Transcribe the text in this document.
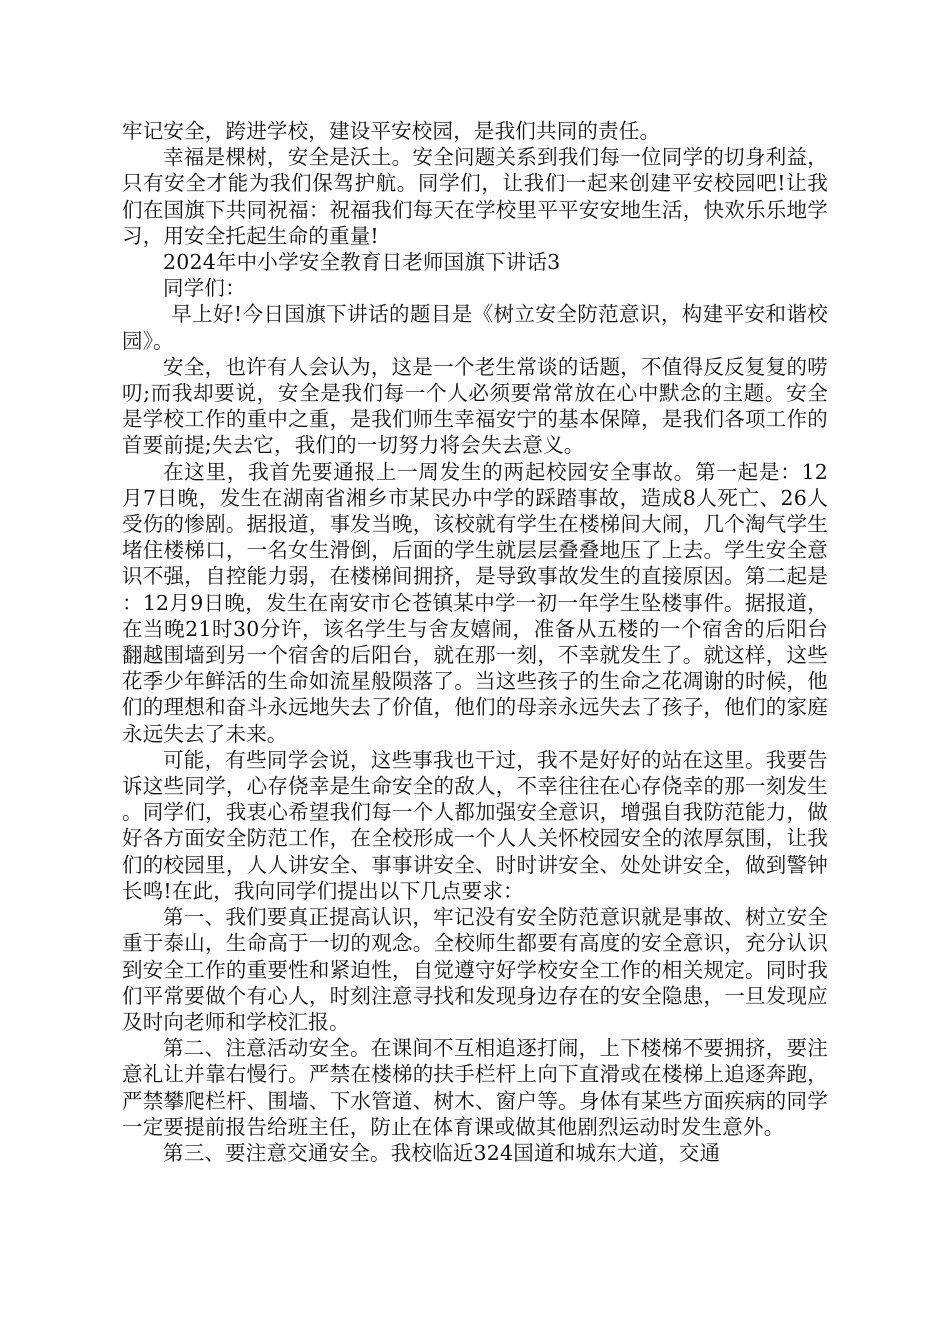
牢记安全，跨进学校，建设平安校园，是我们共同的责任。

幸福是棵树，安全是沃土。安全问题关系到我们每一位同学的切身利益，只有安全才能为我们保驾护航。同学们，让我们一起来创建平安校园吧!让我们在国旗下共同祝福：祝福我们每天在学校里平平安安地生活，快欢乐乐地学习，用安全托起生命的重量!

2024年中小学安全教育日老师国旗下讲话3

同学们：

早上好!今日国旗下讲话的题目是《树立安全防范意识，构建平安和谐校园》。

安全，也许有人会认为，这是一个老生常谈的话题，不值得反反复复的唠叨;而我却要说，安全是我们每一个人必须要常常放在心中默念的主题。安全是学校工作的重中之重，是我们师生幸福安宁的基本保障，是我们各项工作的首要前提;失去它，我们的一切努力将会失去意义。

在这里，我首先要通报上一周发生的两起校园安全事故。第一起是：12月7日晚，发生在湖南省湘乡市某民办中学的踩踏事故，造成8人死亡、26人受伤的惨剧。据报道，事发当晚，该校就有学生在楼梯间大闹，几个淘气学生堵住楼梯口，一名女生滑倒，后面的学生就层层叠叠地压了上去。学生安全意识不强，自控能力弱，在楼梯间拥挤，是导致事故发生的直接原因。第二起是：12月9日晚，发生在南安市仑苍镇某中学一初一年学生坠楼事件。据报道，在当晚21时30分许，该名学生与舍友嬉闹，准备从五楼的一个宿舍的后阳台翻越围墙到另一个宿舍的后阳台，就在那一刻，不幸就发生了。就这样，这些花季少年鲜活的生命如流星般陨落了。当这些孩子的生命之花凋谢的时候，他们的理想和奋斗永远地失去了价值，他们的母亲永远失去了孩子，他们的家庭永远失去了未来。

可能，有些同学会说，这些事我也干过，我不是好好的站在这里。我要告诉这些同学，心存侥幸是生命安全的敌人，不幸往往在心存侥幸的那一刻发生。同学们，我衷心希望我们每一个人都加强安全意识，增强自我防范能力，做好各方面安全防范工作，在全校形成一个人人关怀校园安全的浓厚氛围，让我们的校园里，人人讲安全、事事讲安全、时时讲安全、处处讲安全，做到警钟长鸣!在此，我向同学们提出以下几点要求：

第一、我们要真正提高认识，牢记没有安全防范意识就是事故、树立安全重于泰山，生命高于一切的观念。全校师生都要有高度的安全意识，充分认识到安全工作的重要性和紧迫性，自觉遵守好学校安全工作的相关规定。同时我们平常要做个有心人，时刻注意寻找和发现身边存在的安全隐患，一旦发现应及时向老师和学校汇报。

第二、注意活动安全。在课间不互相追逐打闹，上下楼梯不要拥挤，要注意礼让并靠右慢行。严禁在楼梯的扶手栏杆上向下直滑或在楼梯上追逐奔跑，严禁攀爬栏杆、围墙、下水管道、树木、窗户等。身体有某些方面疾病的同学一定要提前报告给班主任，防止在体育课或做其他剧烈运动时发生意外。

第三、要注意交通安全。我校临近324国道和城东大道，交通
